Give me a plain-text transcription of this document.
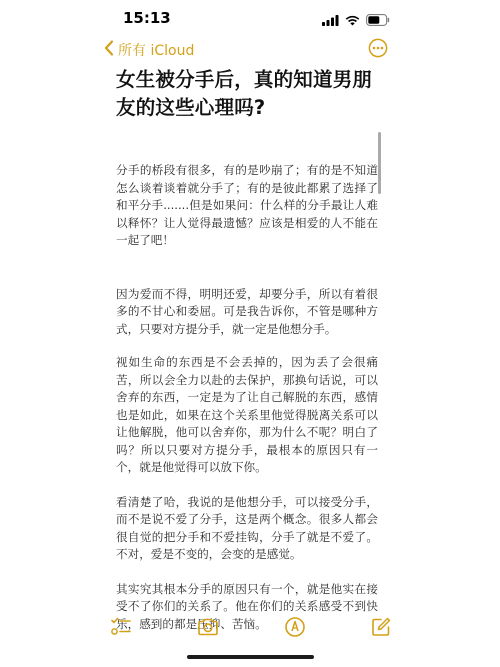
15:13
所有 iCloud
女生被分手后，真的知道男朋友的这些心理吗?

分手的桥段有很多，有的是吵崩了；有的是不知道怎么谈着谈着就分手了；有的是彼此都累了选择了和平分手.......但是如果问：什么样的分手最让人难以释怀？让人觉得最遗憾？应该是相爱的人不能在一起了吧！

因为爱而不得，明明还爱，却要分手，所以有着很多的不甘心和委屈。可是我告诉你，不管是哪种方式，只要对方提分手，就一定是他想分手。

视如生命的东西是不会丢掉的，因为丢了会很痛苦，所以会全力以赴的去保护，那换句话说，可以舍弃的东西，一定是为了让自己解脱的东西，感情也是如此，如果在这个关系里他觉得脱离关系可以让他解脱，他可以舍弃你，那为什么不呢？明白了吗？所以只要对方提分手，最根本的原因只有一个，就是他觉得可以放下你。

看清楚了哈，我说的是他想分手，可以接受分手，而不是说不爱了分手，这是两个概念。很多人都会很自觉的把分手和不爱挂钩，分手了就是不爱了。不对，爱是不变的，会变的是感觉。

其实究其根本分手的原因只有一个，就是他实在接受不了你们的关系了。他在你们的关系感受不到快乐，感到的都是压抑、苦恼。
